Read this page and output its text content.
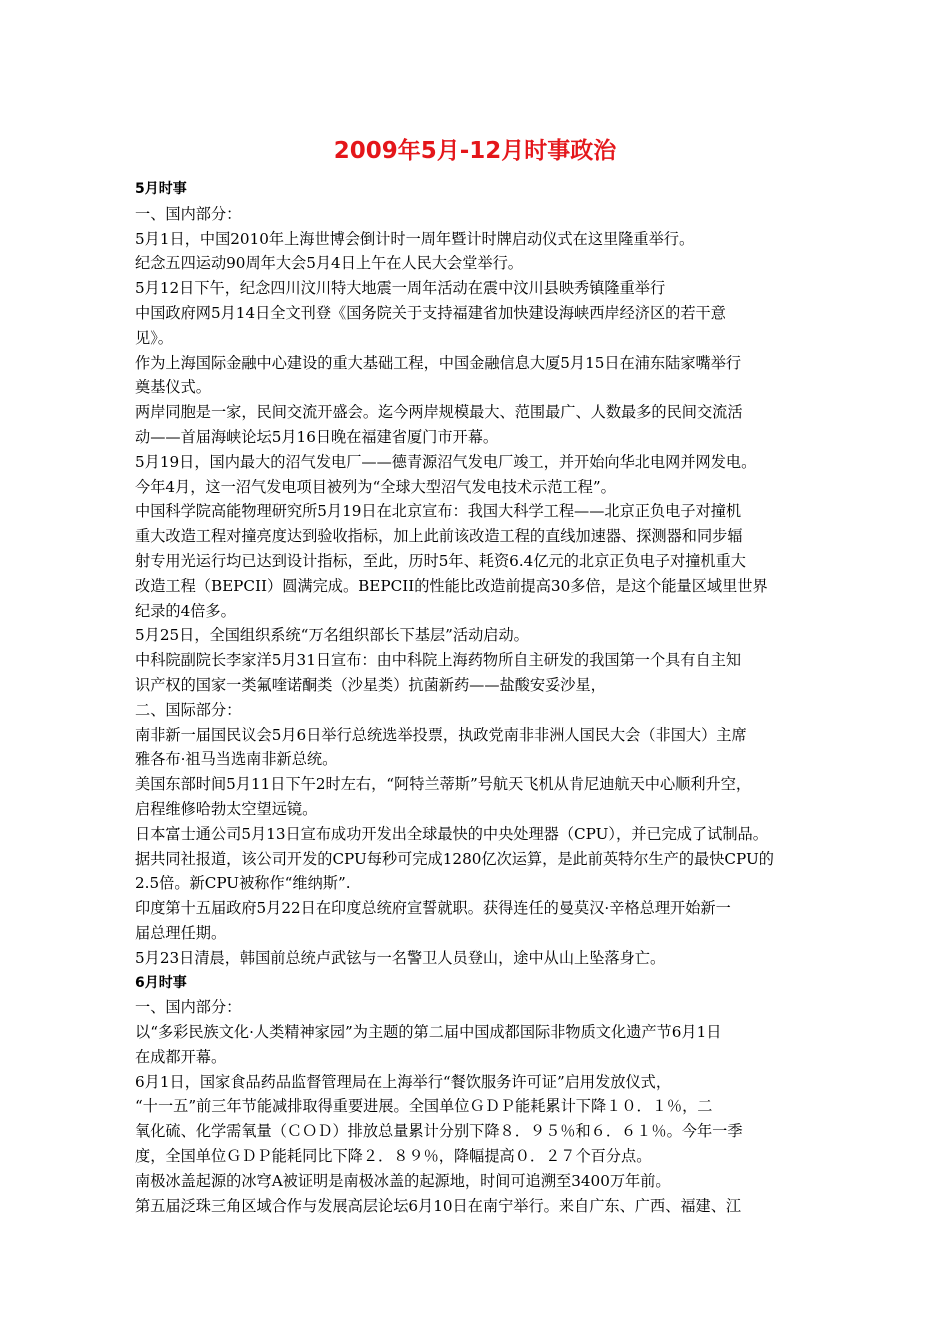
2009年5月-12月时事政治
5月时事
一、国内部分：
5月1日，中国2010年上海世博会倒计时一周年暨计时牌启动仪式在这里隆重举行。
纪念五四运动90周年大会5月4日上午在人民大会堂举行。
5月12日下午，纪念四川汶川特大地震一周年活动在震中汶川县映秀镇隆重举行
中国政府网5月14日全文刊登《国务院关于支持福建省加快建设海峡西岸经济区的若干意
见》。
作为上海国际金融中心建设的重大基础工程，中国金融信息大厦5月15日在浦东陆家嘴举行
奠基仪式。
两岸同胞是一家，民间交流开盛会。迄今两岸规模最大、范围最广、人数最多的民间交流活
动——首届海峡论坛5月16日晚在福建省厦门市开幕。
5月19日，国内最大的沼气发电厂——德青源沼气发电厂竣工，并开始向华北电网并网发电。
今年4月，这一沼气发电项目被列为“全球大型沼气发电技术示范工程”。
中国科学院高能物理研究所5月19日在北京宣布：我国大科学工程——北京正负电子对撞机
重大改造工程对撞亮度达到验收指标，加上此前该改造工程的直线加速器、探测器和同步辐
射专用光运行均已达到设计指标，至此，历时5年、耗资6.4亿元的北京正负电子对撞机重大
改造工程（BEPCII）圆满完成。BEPCII的性能比改造前提高30多倍，是这个能量区域里世界
纪录的4倍多。
5月25日，全国组织系统“万名组织部长下基层”活动启动。
中科院副院长李家洋5月31日宣布：由中科院上海药物所自主研发的我国第一个具有自主知
识产权的国家一类氟喹诺酮类（沙星类）抗菌新药——盐酸安妥沙星，
二、国际部分：
南非新一届国民议会5月6日举行总统选举投票，执政党南非非洲人国民大会（非国大）主席
雅各布·祖马当选南非新总统。
美国东部时间5月11日下午2时左右，“阿特兰蒂斯”号航天飞机从肯尼迪航天中心顺利升空，
启程维修哈勃太空望远镜。
日本富士通公司5月13日宣布成功开发出全球最快的中央处理器（CPU），并已完成了试制品。
据共同社报道，该公司开发的CPU每秒可完成1280亿次运算，是此前英特尔生产的最快CPU的
2.5倍。新CPU被称作“维纳斯”.
印度第十五届政府5月22日在印度总统府宣誓就职。获得连任的曼莫汉·辛格总理开始新一
届总理任期。
5月23日清晨，韩国前总统卢武铉与一名警卫人员登山，途中从山上坠落身亡。
6月时事
一、国内部分：
以“多彩民族文化·人类精神家园”为主题的第二届中国成都国际非物质文化遗产节6月1日
在成都开幕。
6月1日，国家食品药品监督管理局在上海举行“餐饮服务许可证”启用发放仪式，
“十一五”前三年节能减排取得重要进展。全国单位ＧＤＰ能耗累计下降１０．１％，二
氧化硫、化学需氧量（ＣＯＤ）排放总量累计分别下降８．９５％和６．６１％。今年一季
度，全国单位ＧＤＰ能耗同比下降２．８９％，降幅提高０．２７个百分点。
南极冰盖起源的冰穹A被证明是南极冰盖的起源地，时间可追溯至3400万年前。
第五届泛珠三角区域合作与发展高层论坛6月10日在南宁举行。来自广东、广西、福建、江
